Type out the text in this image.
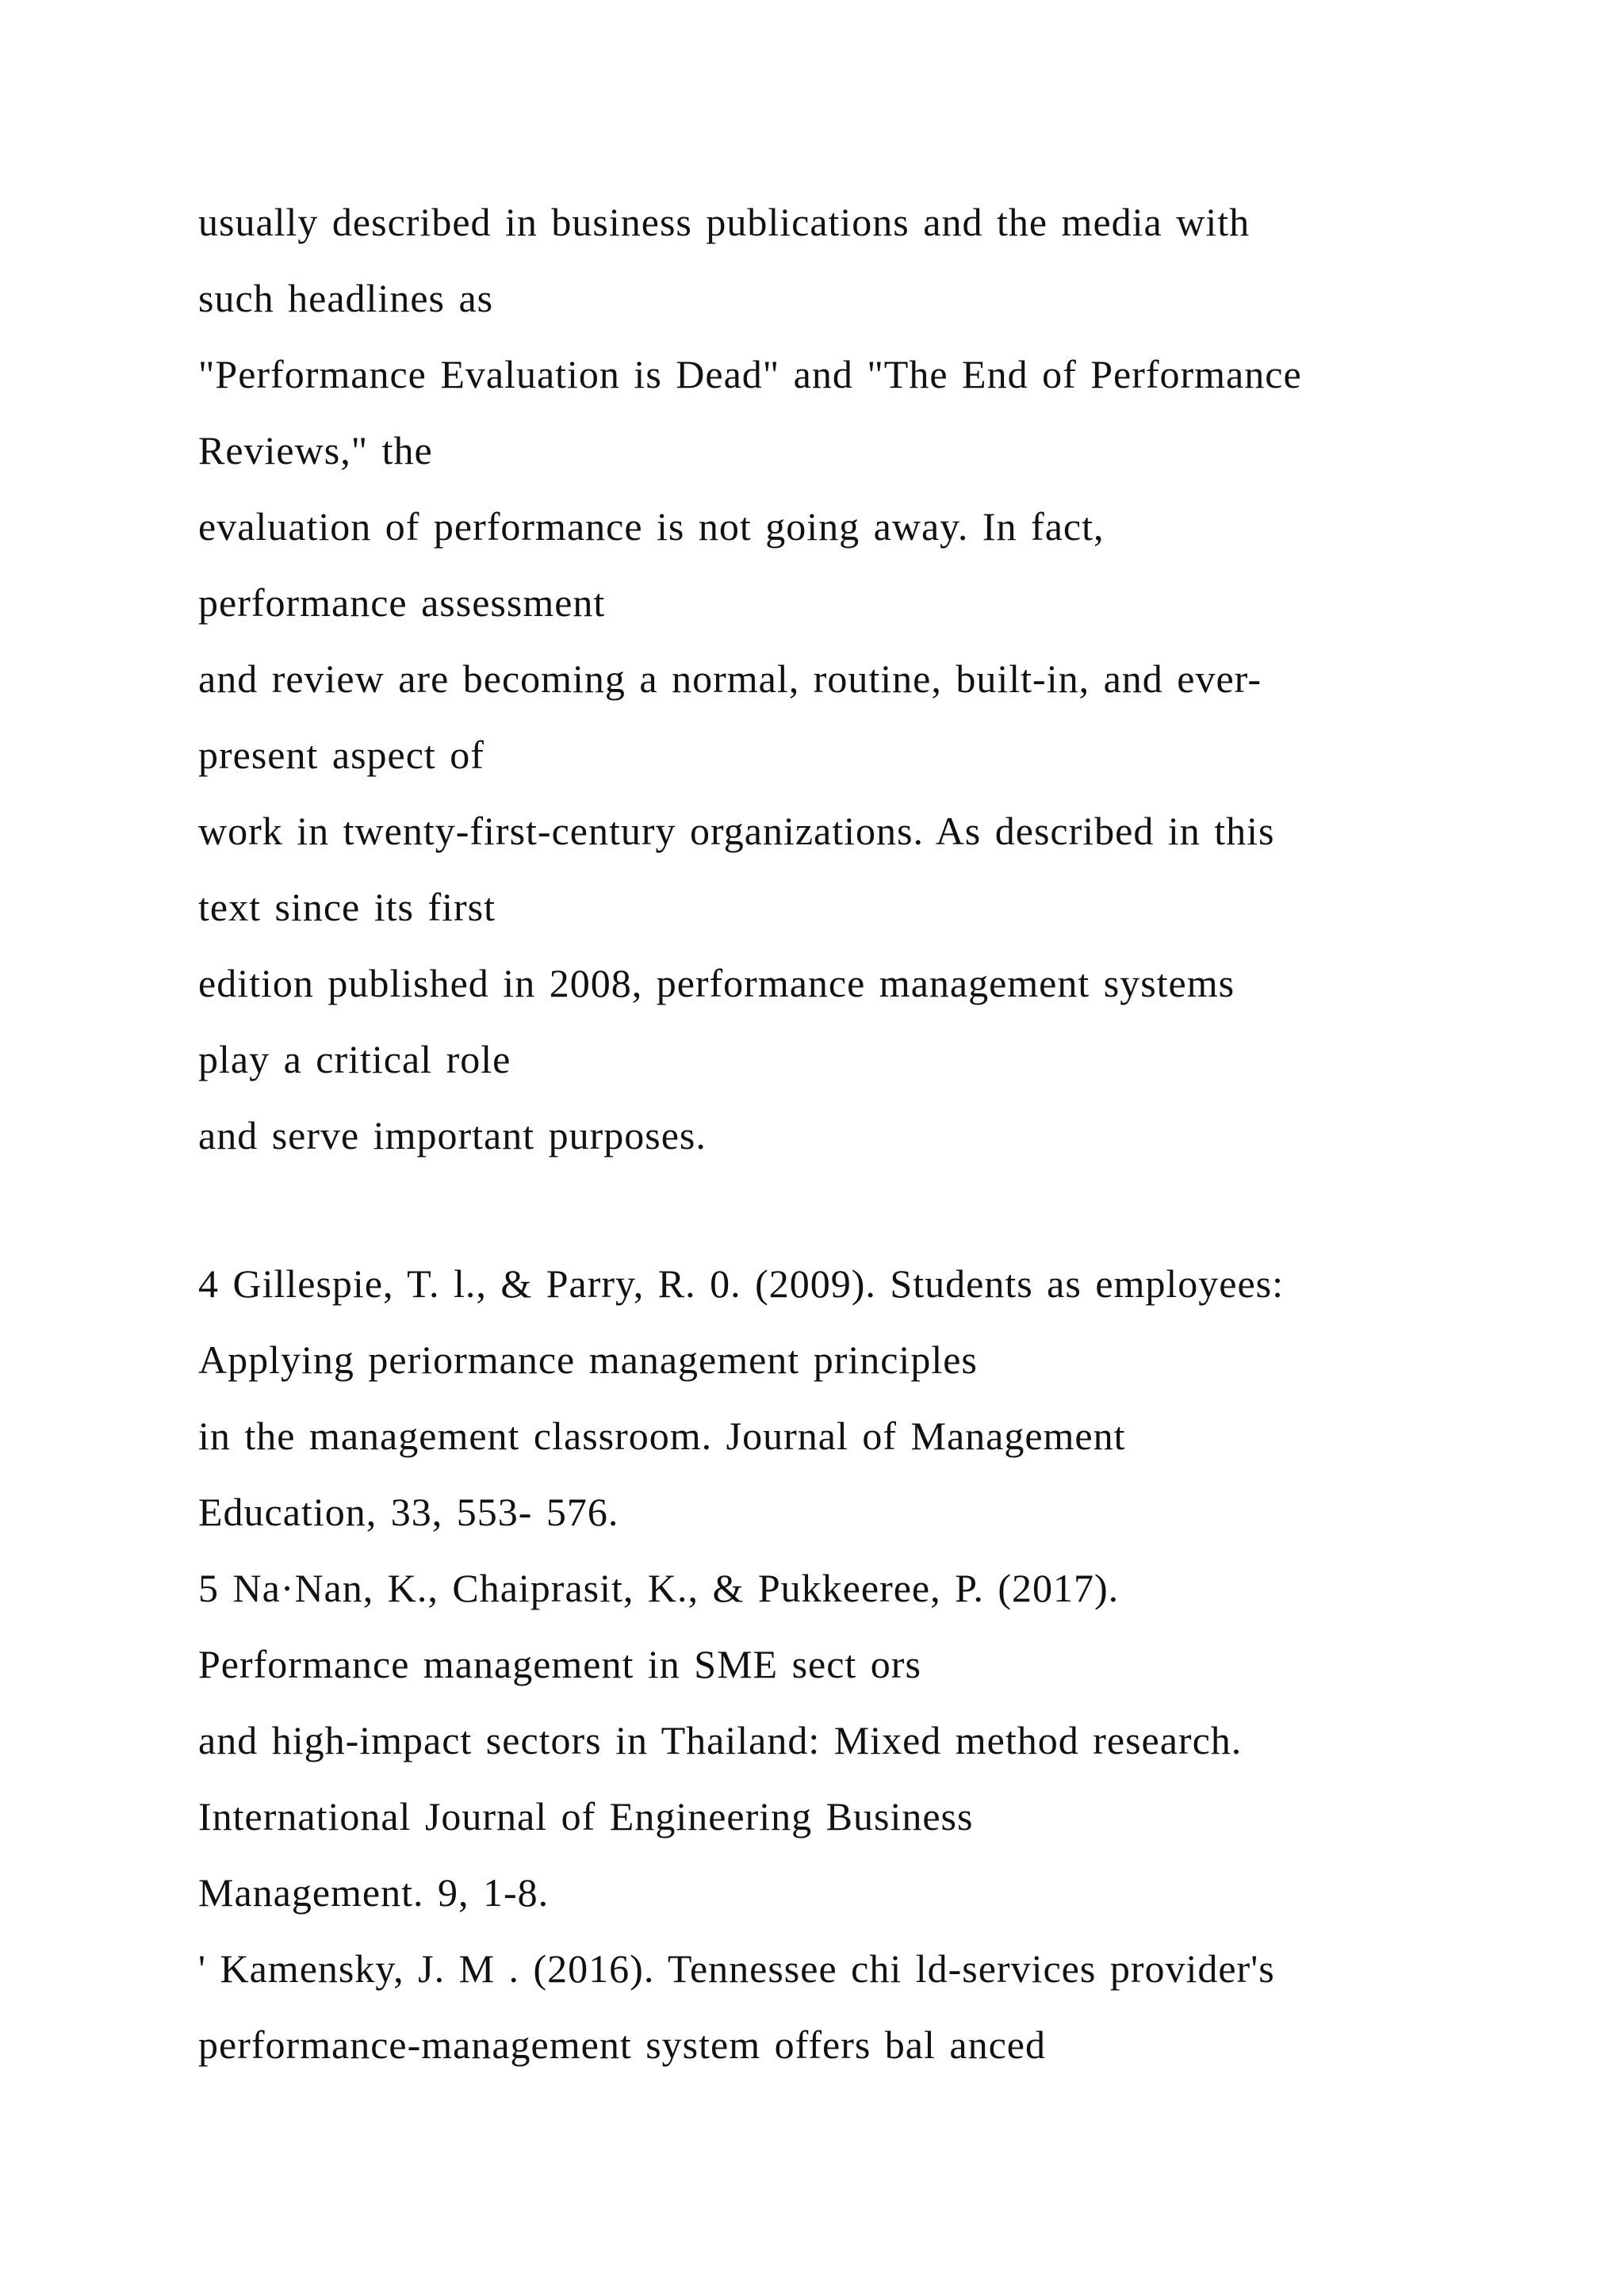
usually described in business publications and the media with
such headlines as
"Performance Evaluation is Dead" and "The End of Performance
Reviews," the
evaluation of performance is not going away. In fact,
performance assessment
and review are becoming a normal, routine, built-in, and ever-
present aspect of
work in twenty-first-century organizations. As described in this
text since its first
edition published in 2008, performance management systems
play a critical role
and serve important purposes.
4 Gillespie, T. l., & Parry, R. 0. (2009). Students as employees:
Applying periormance management principles
in the management classroom. Journal of Management
Education, 33, 553- 576.
5 Na·Nan, K., Chaiprasit, K., & Pukkeeree, P. (2017).
Performance management in SME sect ors
and high-impact sectors in Thailand: Mixed method research.
International Journal of Engineering Business
Management. 9, 1-8.
' Kamensky, J. M . (2016). Tennessee chi ld-services provider's
performance-management system offers bal anced
